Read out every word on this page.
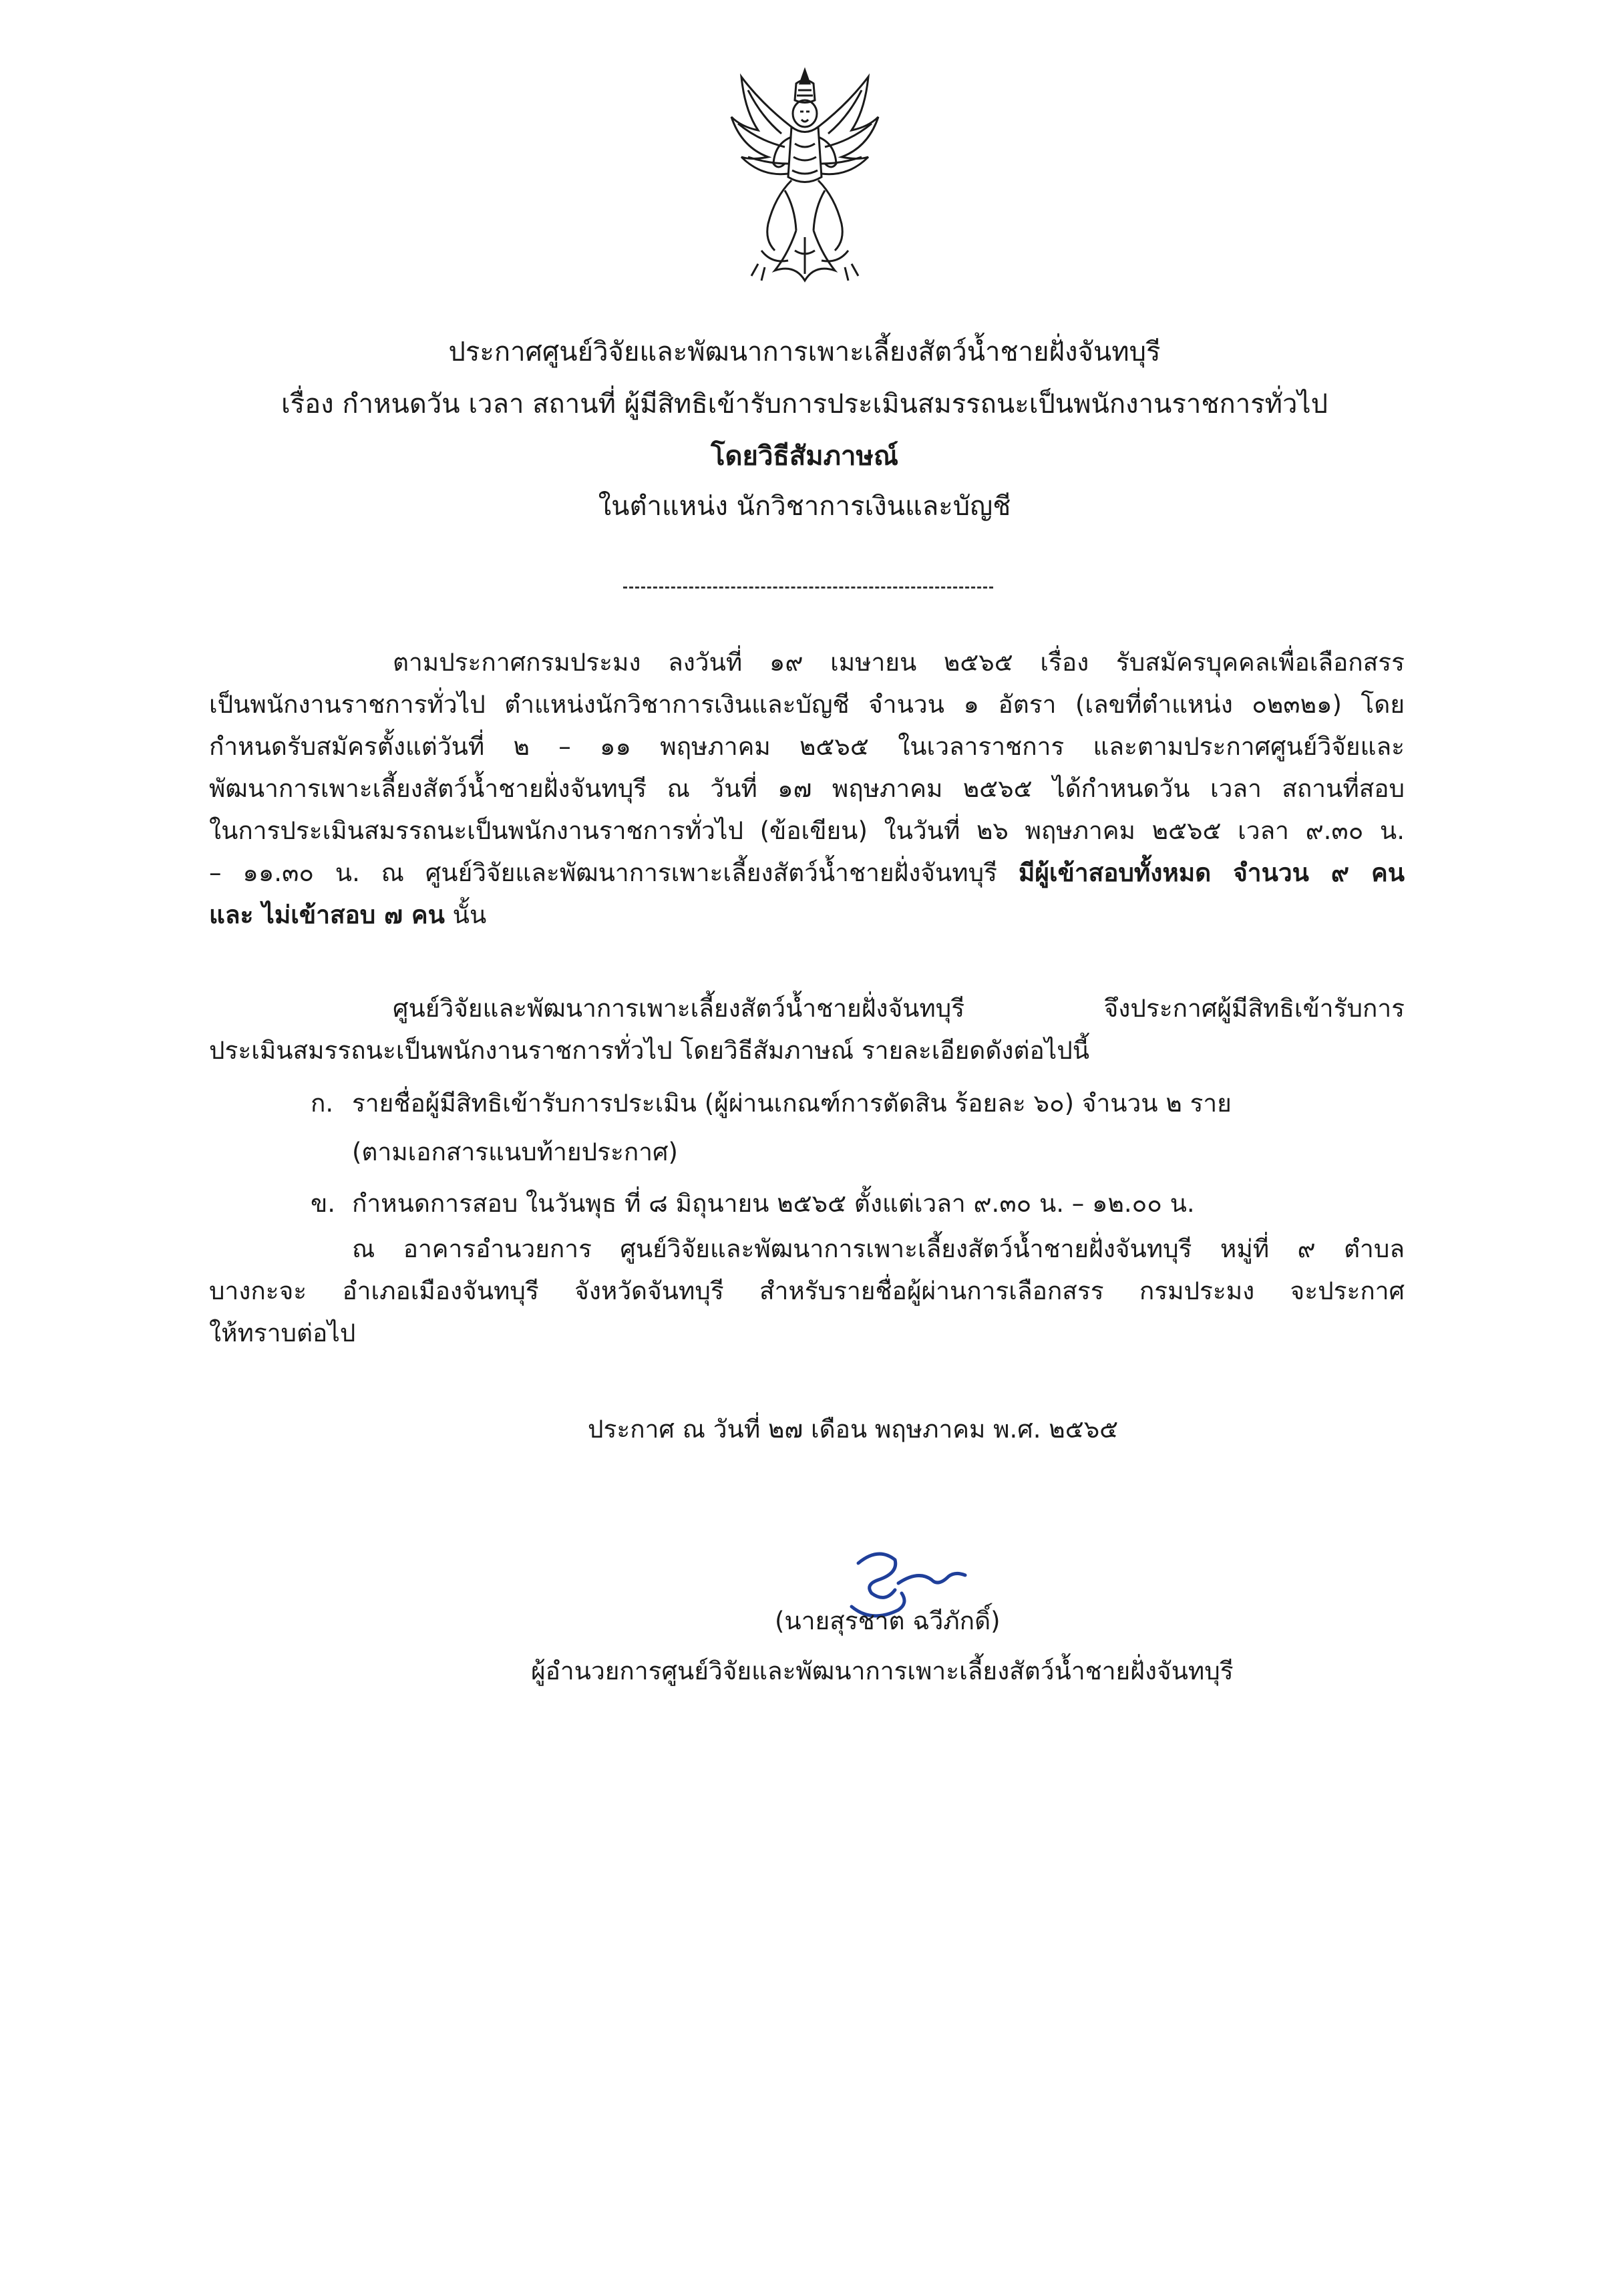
ประกาศศูนย์วิจัยและพัฒนาการเพาะเลี้ยงสัตว์น้ำชายฝั่งจันทบุรี
เรื่อง กำหนดวัน เวลา สถานที่ ผู้มีสิทธิเข้ารับการประเมินสมรรถนะเป็นพนักงานราชการทั่วไป
โดยวิธีสัมภาษณ์
ในตำแหน่ง นักวิชาการเงินและบัญชี
ตามประกาศกรมประมง ลงวันที่ ๑๙ เมษายน ๒๕๖๕ เรื่อง รับสมัครบุคคลเพื่อเลือกสรร
เป็นพนักงานราชการทั่วไป ตำแหน่งนักวิชาการเงินและบัญชี จำนวน ๑ อัตรา (เลขที่ตำแหน่ง ๐๒๓๒๑) โดย
กำหนดรับสมัครตั้งแต่วันที่ ๒ – ๑๑ พฤษภาคม ๒๕๖๕ ในเวลาราชการ และตามประกาศศูนย์วิจัยและ
พัฒนาการเพาะเลี้ยงสัตว์น้ำชายฝั่งจันทบุรี ณ วันที่ ๑๗ พฤษภาคม ๒๕๖๕ ได้กำหนดวัน เวลา สถานที่สอบ
ในการประเมินสมรรถนะเป็นพนักงานราชการทั่วไป (ข้อเขียน) ในวันที่ ๒๖ พฤษภาคม ๒๕๖๕ เวลา ๙.๓๐ น.
– ๑๑.๓๐ น. ณ ศูนย์วิจัยและพัฒนาการเพาะเลี้ยงสัตว์น้ำชายฝั่งจันทบุรี มีผู้เข้าสอบทั้งหมด จำนวน ๙ คน
และ ไม่เข้าสอบ ๗ คน นั้น
ศูนย์วิจัยและพัฒนาการเพาะเลี้ยงสัตว์น้ำชายฝั่งจันทบุรี จึงประกาศผู้มีสิทธิเข้ารับการ
ประเมินสมรรถนะเป็นพนักงานราชการทั่วไป โดยวิธีสัมภาษณ์ รายละเอียดดังต่อไปนี้
ก. รายชื่อผู้มีสิทธิเข้ารับการประเมิน (ผู้ผ่านเกณฑ์การตัดสิน ร้อยละ ๖๐) จำนวน ๒ ราย
(ตามเอกสารแนบท้ายประกาศ)
ข. กำหนดการสอบ ในวันพุธ ที่ ๘ มิถุนายน ๒๕๖๕ ตั้งแต่เวลา ๙.๓๐ น. – ๑๒.๐๐ น.
ณ อาคารอำนวยการ ศูนย์วิจัยและพัฒนาการเพาะเลี้ยงสัตว์น้ำชายฝั่งจันทบุรี หมู่ที่ ๙ ตำบล
บางกะจะ อำเภอเมืองจันทบุรี จังหวัดจันทบุรี สำหรับรายชื่อผู้ผ่านการเลือกสรร กรมประมง จะประกาศ
ให้ทราบต่อไป
ประกาศ ณ วันที่ ๒๗ เดือน พฤษภาคม พ.ศ. ๒๕๖๕
(นายสุรชาต ฉวีภักดิ์)
ผู้อำนวยการศูนย์วิจัยและพัฒนาการเพาะเลี้ยงสัตว์น้ำชายฝั่งจันทบุรี
